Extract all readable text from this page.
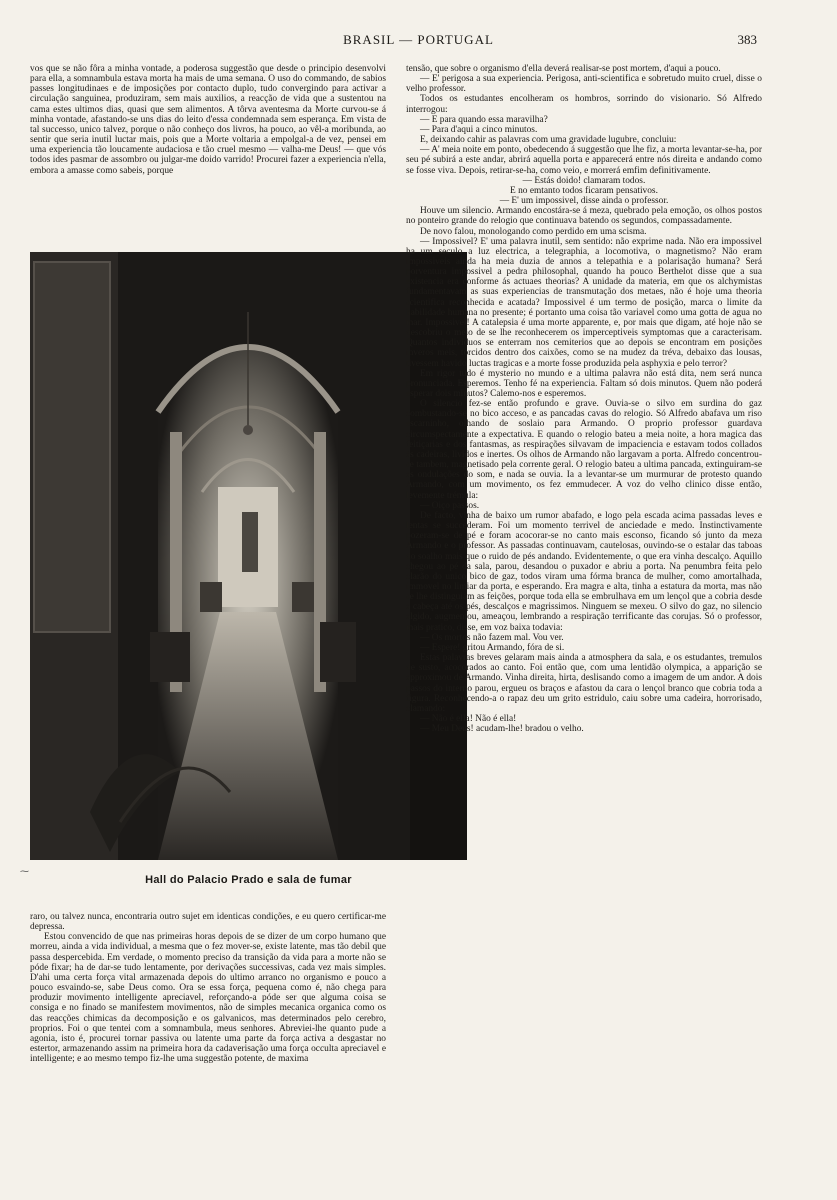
BRASIL — PORTUGAL	383

vos que se não fôra a minha vontade, a poderosa suggestão que desde o principio desenvolvi para ella, a somnambula estava morta ha mais de uma semana. O uso do commando, de sabios passes longitudinaes e de imposições por contacto duplo, tudo convergindo para activar a circulação sanguinea, produziram, sem mais auxilios, a reacção de vida que a sustentou na cama estes ultimos dias, quasi que sem alimentos. A tôrva aventesma da Morte curvou-se á minha vontade, afastando-se uns dias do leito d'essa condemnada sem esperança. Em vista de tal successo, unico talvez, porque o não conheço dos livros, ha pouco, ao vêl-a moribunda, ao sentir que seria inutil luctar mais, pois que a Morte voltaria a empolgal-a de vez, pensei em uma experiencia tão loucamente audaciosa e tão cruel mesmo — valha-me Deus! — que vós todos ides pasmar de assombro ou julgar-me doido varrido! Procurei fazer a experiencia n'ella, embora a amasse como sabeis, porque

⁓
Hall do Palacio Prado e sala de fumar

raro, ou talvez nunca, encontraria outro sujet em identicas condições, e eu quero certificar-me depressa.

Estou convencido de que nas primeiras horas depois de se dizer de um corpo humano que morreu, ainda a vida individual, a mesma que o fez mover-se, existe latente, mas tão debil que passa despercebida. Em verdade, o momento preciso da transição da vida para a morte não se póde fixar; ha de dar-se tudo lentamente, por derivações successivas, cada vez mais simples. D'ahi uma certa força vital armazenada depois do ultimo arranco no organismo e pouco a pouco esvaindo-se, sabe Deus como. Ora se essa força, pequena como é, não chega para produzir movimento intelligente apreciavel, reforçando-a póde ser que alguma coisa se consiga e no finado se manifestem movimentos, não de simples mecanica organica como os das reacções chimicas da decomposição e os galvanicos, mas determinados pelo cerebro, proprios. Foi o que tentei com a somnambula, meus senhores. Abreviei-lhe quanto pude a agonia, isto é, procurei tornar passiva ou latente uma parte da força activa a desgastar no estertor, armazenando assim na primeira hora da cadaverisação uma força occulta apreciavel e intelligente; e ao mesmo tempo fiz-lhe uma suggestão potente, de maxima

tensão, que sobre o organismo d'ella deverá realisar-se post mortem, d'aqui a pouco.

— E' perigosa a sua experiencia. Perigosa, anti-scientifica e sobretudo muito cruel, disse o velho professor.

Todos os estudantes encolheram os hombros, sorrindo do visionario. Só Alfredo interrogou:

— E para quando essa maravilha?

— Para d'aqui a cinco minutos.

E, deixando cahir as palavras com uma gravidade lugubre, concluiu:

— A' meia noite em ponto, obedecendo á suggestão que lhe fiz, a morta levantar-se-ha, por seu pé subirá a este andar, abrirá aquella porta e apparecerá entre nós direita e andando como se fosse viva. Depois, retirar-se-ha, como veio, e morrerá emfim definitivamente.

— Estás doido! clamaram todos.

E no emtanto todos ficaram pensativos.

— E' um impossivel, disse ainda o professor.

Houve um silencio. Armando encostára-se á meza, quebrado pela emoção, os olhos postos no ponteiro grande do relogio que continuava batendo os segundos, compassadamente.

De novo falou, monologando como perdido em uma scisma.

— Impossivel? E' uma palavra inutil, sem sentido: não exprime nada. Não era impossivel ha um seculo a luz electrica, a telegraphia, a locomotiva, o magnetismo? Não eram impossiveis ainda ha meia duzia de annos a telepathia e a polarisação humana? Será porventura impossivel a pedra philosophal, quando ha pouco Berthelot disse que a sua existencia era conforme ás actuaes theorias? A unidade da materia, em que os alchymistas fundamentavam as suas experiencias de transmutação dos metaes, não é hoje uma theoria scientifica reconhecida e acatada? Impossivel é um termo de posição, marca o limite da habilidade humana no presente; é portanto uma coisa tão variavel como uma gotta de agua no mar. Impossivel! A catalepsia é uma morte apparente, e, por mais que digam, até hoje não se descobriu o meio de se lhe reconhecerem os imperceptiveis symptomas que a caracterisam. Quantos individuos se enterram nos cemiterios que ao depois se encontram em posições inveros meis, torcidos dentro dos caixões, como se na mudez da tréva, debaixo das lousas, tivessem havido luctas tragicas e a morte fosse produzida pela asphyxia e pelo terror?

Em rigor tudo é mysterio no mundo e a ultima palavra não está dita, nem será nunca pronunciada. Esperemos. Tenho fé na experiencia. Faltam só dois minutos. Quem não poderá esperar dois minutos? Calemo-nos e esperemos.

O silencio fez-se então profundo e grave. Ouvia-se o silvo em surdina do gaz combustando-se no bico acceso, e as pancadas cavas do relogio. Só Alfredo abafava um riso escarninho, olhando de soslaio para Armando. O proprio professor guardava circumspectamente a expectativa. E quando o relogio bateu a meia noite, a hora magica das feitiçarias e dos fantasmas, as respirações silvavam de impaciencia e estavam todos collados ás cadeiras, lividos e inertes. Os olhos de Armando não largavam a porta. Alfredo concentrou-se tambem, magnetisado pela corrente geral. O relogio bateu a ultima pancada, extinguiram-se as ondulações do som, e nada se ouvia. Ia a levantar-se um murmurar de protesto quando Armando, com um movimento, os fez emmudecer. A voz do velho clinico disse então, levemente trémula:

— Oiço passos.

De facto, vinha de baixo um rumor abafado, e logo pela escada acima passadas leves e lentas se succederam. Foi um momento terrivel de anciedade e medo. Instinctivamente pozeram-se de pé e foram acocorar-se no canto mais esconso, ficando só junto da meza Armando e o professor. As passadas continuavam, cautelosas, ouvindo-se o estalar das taboas do soalho mais que o ruido de pés andando. Evidentemente, o que era vinha descalço. Aquillo chegou ao pé da sala, parou, desandou o puxador e abriu a porta. Na penumbra feita pelo clarão do unico bico de gaz, todos viram uma fórma branca de mulher, como amortalhada, immovel no limiar da porta, e esperando. Era magra e alta, tinha a estatura da morta, mas não se lhe distinguiam as feições, porque toda ella se embrulhava em um lençol que a cobria desde a cabeça até os pés, descalços e magrissimos. Ninguem se mexeu. O silvo do gaz, no silencio algido, augmentou, ameaçou, lembrando a respiração terrificante das corujas. Só o professor, mais pratico, disse, em voz baixa todavia:

— Os mortos não fazem mal. Vou ver.

— Espere! gritou Armando, fóra de si.

Estas palavras breves gelaram mais ainda a atmosphera da sala, e os estudantes, tremulos de susto, acocorados ao canto. Foi então que, com uma lentidão olympica, a apparição se approximou de Armando. Vinha direita, hirta, deslisando como a imagem de um andor. A dois passos do interno parou, ergueu os braços e afastou da cara o lençol branco que cobria toda a figura. Reconhecendo-a o rapaz deu um grito estridulo, caiu sobre uma cadeira, horrorisado, clamando:

— Não é ella! Não é ella!

— Meu Deus! acudam-lhe! bradou o velho.
